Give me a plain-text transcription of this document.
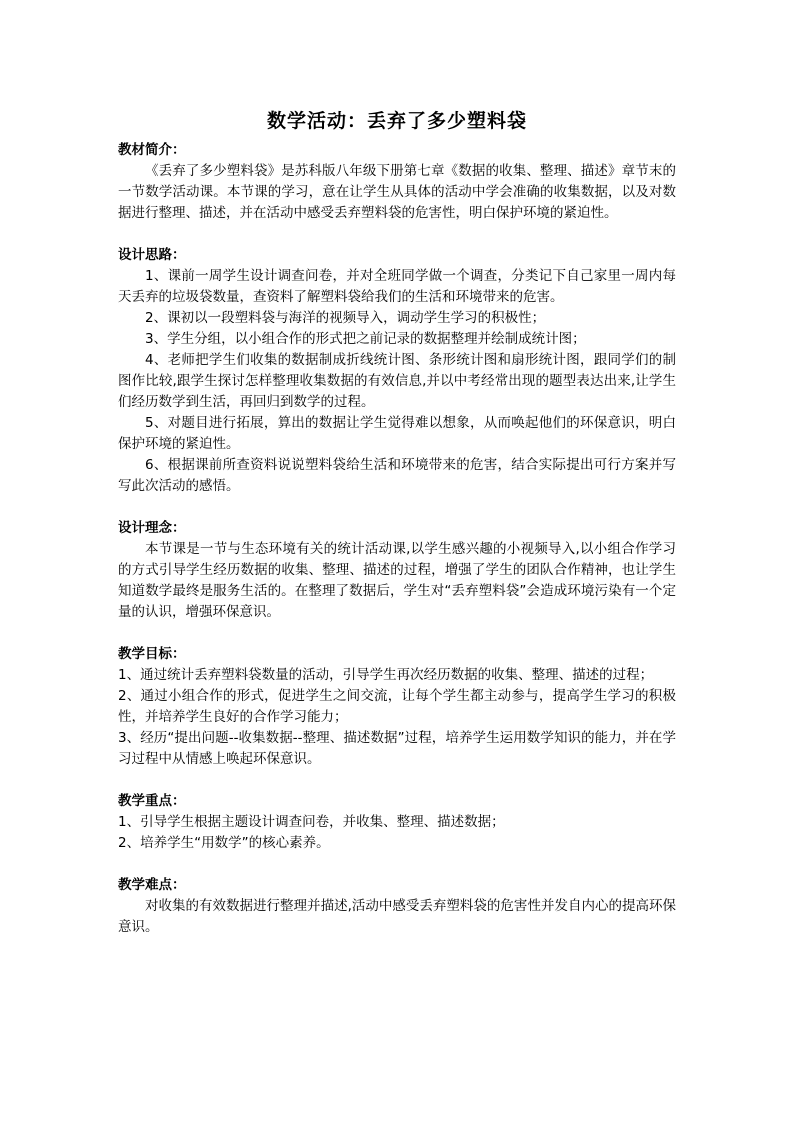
数学活动：丢弃了多少塑料袋

教材简介：

《丢弃了多少塑料袋》是苏科版八年级下册第七章《数据的收集、整理、描述》章节末的一节数学活动课。本节课的学习，意在让学生从具体的活动中学会准确的收集数据，以及对数据进行整理、描述，并在活动中感受丢弃塑料袋的危害性，明白保护环境的紧迫性。

设计思路：

1、课前一周学生设计调查问卷，并对全班同学做一个调查，分类记下自己家里一周内每天丢弃的垃圾袋数量，查资料了解塑料袋给我们的生活和环境带来的危害。

2、课初以一段塑料袋与海洋的视频导入，调动学生学习的积极性；

3、学生分组，以小组合作的形式把之前记录的数据整理并绘制成统计图；

4、老师把学生们收集的数据制成折线统计图、条形统计图和扇形统计图，跟同学们的制图作比较,跟学生探讨怎样整理收集数据的有效信息,并以中考经常出现的题型表达出来,让学生们经历数学到生活，再回归到数学的过程。

5、对题目进行拓展，算出的数据让学生觉得难以想象，从而唤起他们的环保意识，明白保护环境的紧迫性。

6、根据课前所查资料说说塑料袋给生活和环境带来的危害，结合实际提出可行方案并写写此次活动的感悟。

设计理念：

本节课是一节与生态环境有关的统计活动课,以学生感兴趣的小视频导入,以小组合作学习的方式引导学生经历数据的收集、整理、描述的过程，增强了学生的团队合作精神，也让学生知道数学最终是服务生活的。在整理了数据后，学生对“丢弃塑料袋”会造成环境污染有一个定量的认识，增强环保意识。

教学目标：

1、通过统计丢弃塑料袋数量的活动，引导学生再次经历数据的收集、整理、描述的过程；

2、通过小组合作的形式，促进学生之间交流，让每个学生都主动参与，提高学生学习的积极性，并培养学生良好的合作学习能力；

3、经历“提出问题--收集数据--整理、描述数据”过程，培养学生运用数学知识的能力，并在学习过程中从情感上唤起环保意识。

教学重点：

1、引导学生根据主题设计调查问卷，并收集、整理、描述数据；

2、培养学生“用数学”的核心素养。

教学难点：

对收集的有效数据进行整理并描述,活动中感受丢弃塑料袋的危害性并发自内心的提高环保意识。
